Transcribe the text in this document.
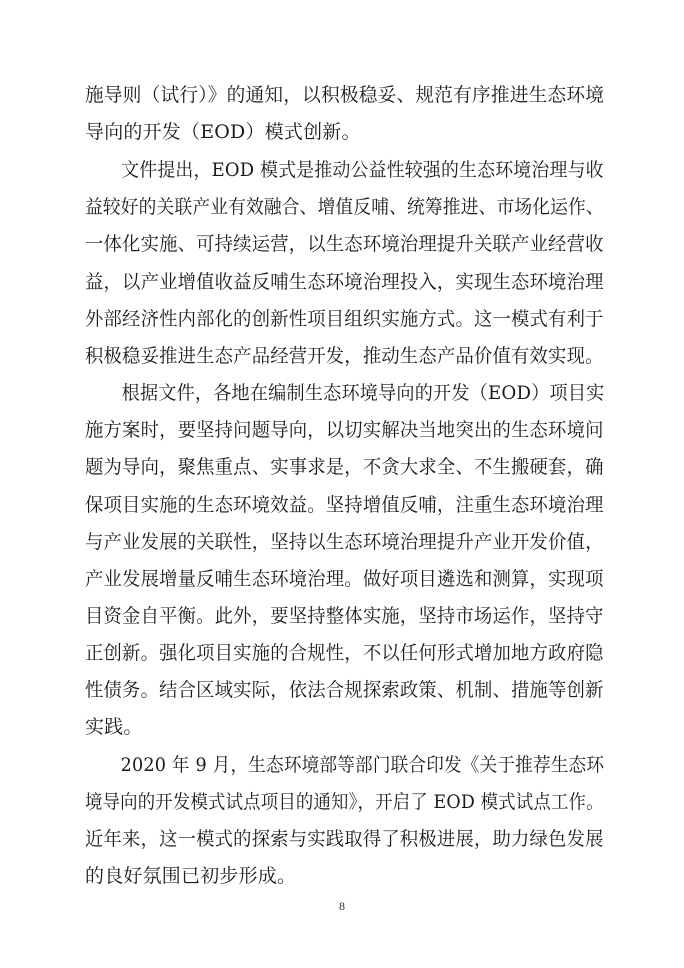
施导则（试行）》的通知，以积极稳妥、规范有序推进生态环境
导向的开发（EOD）模式创新。
　　文件提出，EOD 模式是推动公益性较强的生态环境治理与收
益较好的关联产业有效融合、增值反哺、统筹推进、市场化运作、
一体化实施、可持续运营，以生态环境治理提升关联产业经营收
益，以产业增值收益反哺生态环境治理投入，实现生态环境治理
外部经济性内部化的创新性项目组织实施方式。这一模式有利于
积极稳妥推进生态产品经营开发，推动生态产品价值有效实现。
　　根据文件，各地在编制生态环境导向的开发（EOD）项目实
施方案时，要坚持问题导向，以切实解决当地突出的生态环境问
题为导向，聚焦重点、实事求是，不贪大求全、不生搬硬套，确
保项目实施的生态环境效益。坚持增值反哺，注重生态环境治理
与产业发展的关联性，坚持以生态环境治理提升产业开发价值，
产业发展增量反哺生态环境治理。做好项目遴选和测算，实现项
目资金自平衡。此外，要坚持整体实施，坚持市场运作，坚持守
正创新。强化项目实施的合规性，不以任何形式增加地方政府隐
性债务。结合区域实际，依法合规探索政策、机制、措施等创新
实践。
　　2020 年 9 月，生态环境部等部门联合印发《关于推荐生态环
境导向的开发模式试点项目的通知》，开启了 EOD 模式试点工作。
近年来，这一模式的探索与实践取得了积极进展，助力绿色发展
的良好氛围已初步形成。
8
